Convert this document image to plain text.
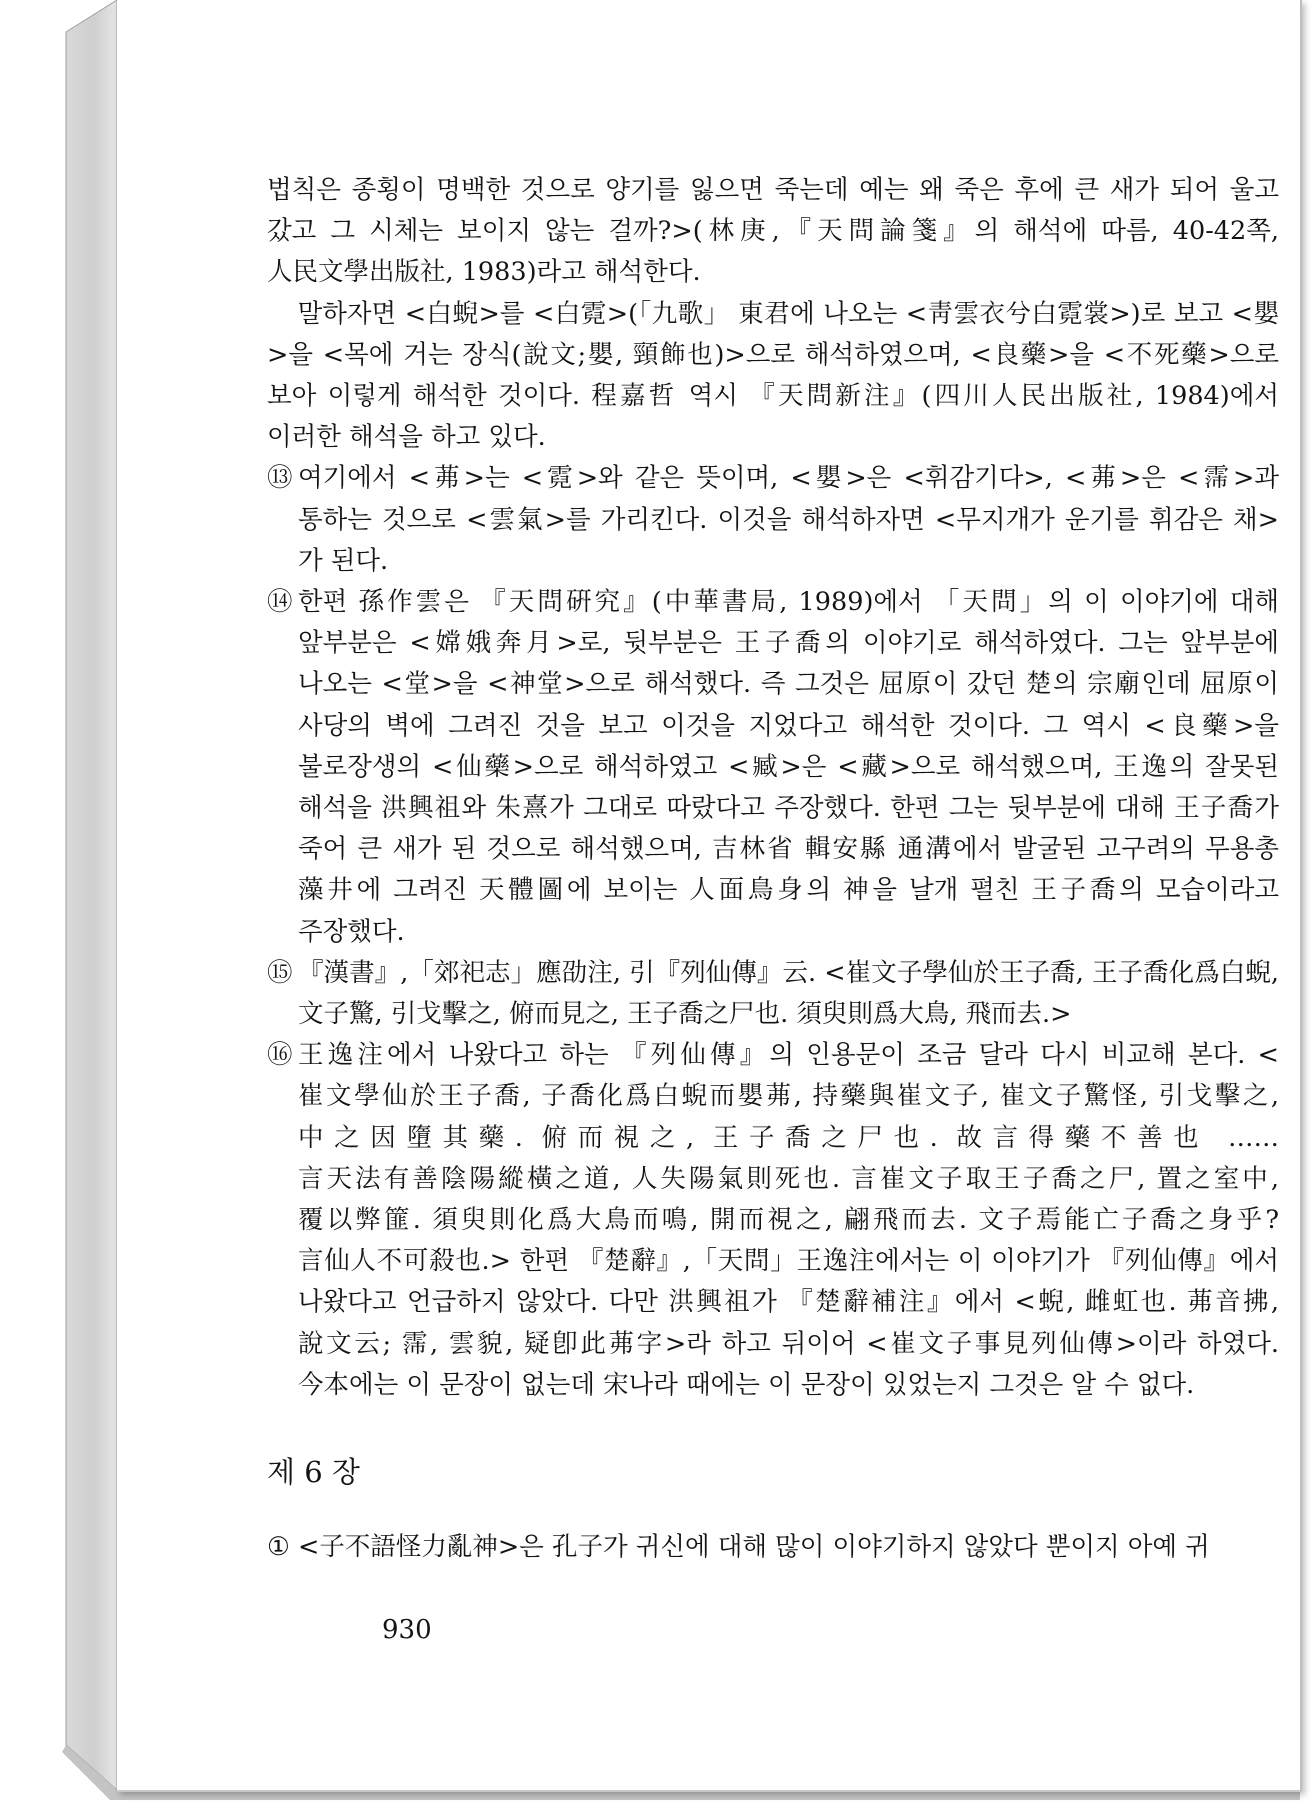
법칙은 종횡이 명백한 것으로 양기를 잃으면 죽는데 예는 왜 죽은 후에 큰 새가 되어 울고 갔고 그 시체는 보이지 않는 걸까?>(林庚,『天問論箋』의 해석에 따름, 40-42쪽, 人民文學出版社, 1983)라고 해석한다.

말하자면 <白蜺>를 <白霓>(「九歌」 東君에 나오는 <靑雲衣兮白霓裳>)로 보고 <嬰>을 <목에 거는 장식(說文;嬰, 頸飾也)>으로 해석하였으며, <良藥>을 <不死藥>으로 보아 이렇게 해석한 것이다. 程嘉哲 역시 『天問新注』(四川人民出版社, 1984)에서 이러한 해석을 하고 있다.

⑬ 여기에서 <茀>는 <霓>와 같은 뜻이며, <嬰>은 <휘감기다>, <茀>은 <霈>과 통하는 것으로 <雲氣>를 가리킨다. 이것을 해석하자면 <무지개가 운기를 휘감은 채>가 된다.

⑭ 한편 孫作雲은 『天問硏究』(中華書局, 1989)에서 「天問」의 이 이야기에 대해 앞부분은 <嫦娥奔月>로, 뒷부분은 王子喬의 이야기로 해석하였다. 그는 앞부분에 나오는 <堂>을 <神堂>으로 해석했다. 즉 그것은 屈原이 갔던 楚의 宗廟인데 屈原이 사당의 벽에 그려진 것을 보고 이것을 지었다고 해석한 것이다. 그 역시 <良藥>을 불로장생의 <仙藥>으로 해석하였고 <臧>은 <藏>으로 해석했으며, 王逸의 잘못된 해석을 洪興祖와 朱熹가 그대로 따랐다고 주장했다. 한편 그는 뒷부분에 대해 王子喬가 죽어 큰 새가 된 것으로 해석했으며, 吉林省 輯安縣 通溝에서 발굴된 고구려의 무용총 藻井에 그려진 天體圖에 보이는 人面鳥身의 神을 날개 펼친 王子喬의 모습이라고 주장했다.

⑮ 『漢書』,「郊祀志」應劭注, 引『列仙傳』云. <崔文子學仙於王子喬, 王子喬化爲白蜺, 文子驚, 引戈擊之, 俯而見之, 王子喬之尸也. 須臾則爲大鳥, 飛而去.>

⑯ 王逸注에서 나왔다고 하는 『列仙傳』의 인용문이 조금 달라 다시 비교해 본다. <崔文學仙於王子喬, 子喬化爲白蜺而嬰茀, 持藥與崔文子, 崔文子驚怪, 引戈擊之, 中之因墮其藥. 俯而視之, 王子喬之尸也. 故言得藥不善也 …… 言天法有善陰陽縱橫之道, 人失陽氣則死也. 言崔文子取王子喬之尸, 置之室中, 覆以弊篚. 須臾則化爲大鳥而鳴, 開而視之, 翩飛而去. 文子焉能亡子喬之身乎? 言仙人不可殺也.> 한편 『楚辭』,「天問」王逸注에서는 이 이야기가 『列仙傳』에서 나왔다고 언급하지 않았다. 다만 洪興祖가 『楚辭補注』에서 <蜺, 雌虹也. 茀音拂, 說文云; 霈, 雲貌, 疑卽此茀字>라 하고 뒤이어 <崔文子事見列仙傳>이라 하였다. 今本에는 이 문장이 없는데 宋나라 때에는 이 문장이 있었는지 그것은 알 수 없다.

제 6 장

① <子不語怪力亂神>은 孔子가 귀신에 대해 많이 이야기하지 않았다 뿐이지 아예 귀

930
